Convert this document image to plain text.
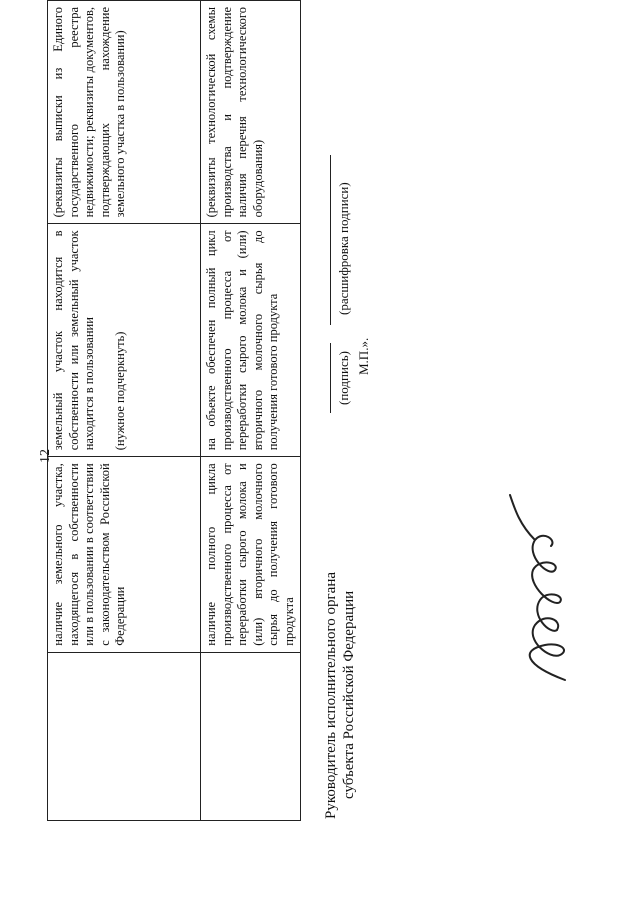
12
	наличие земельного участка, находящегося в собственности или в пользовании в соответствии с законодательством Российской Федерации	земельный участок находится в собственности или земельный участок находится в пользовании (нужное подчеркнуть)	(реквизиты выписки из Единого государственного реестра недвижимости; реквизиты документов, подтверждающих нахождение земельного участка в пользовании)
	наличие полного цикла производственного процесса от переработки сырого молока и (или) вторичного молочного сырья до получения готового продукта	на объекте обеспечен полный цикл производственного процесса от переработки сырого молока и (или) вторичного молочного сырья до получения готового продукта	(реквизиты технологической схемы производства и подтверждение наличия перечня технологического оборудования)
Руководитель исполнительного органа субъекта Российской Федерации
(подпись)
(расшифровка подписи)
М.П.».
